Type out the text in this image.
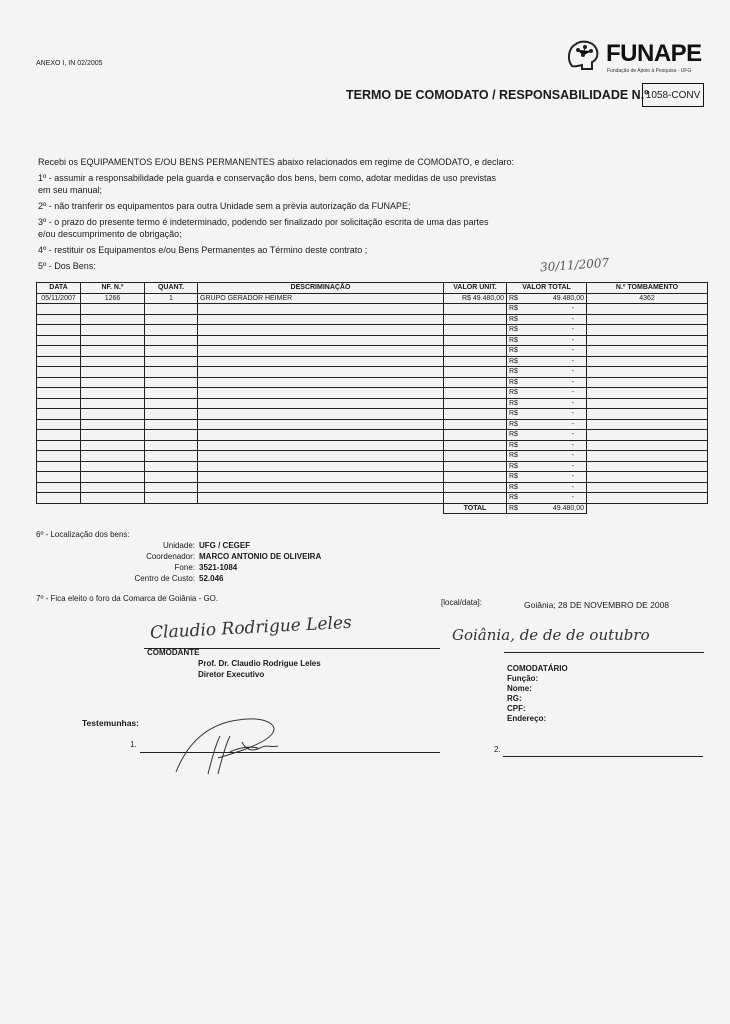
ANEXO I, IN 02/2005	FUNAPE
Fundação de Apoio à Pesquisa - UFG
TERMO DE COMODATO / RESPONSABILIDADE N.º
1058-CONV
Recebi os EQUIPAMENTOS E/OU BENS PERMANENTES abaixo relacionados em regime de COMODATO, e declaro:
1º - assumir a responsabilidade pela guarda e conservação dos bens, bem como, adotar medidas de uso previstas
em seu manual;
2º - não tranferir os equipamentos para outra Unidade sem a prévia autorização da FUNAPE;
3º - o prazo do presente termo é indeterminado, podendo ser finalizado por solicitação escrita de uma das partes
e/ou descumprimento de obrigação;
4º - restituir os Equipamentos e/ou Bens Permanentes ao Término deste contrato ;
5º - Dos Bens:	30/11/2007
DATA	NF. N.º	QUANT.	DESCRIMINAÇÃO	VALOR UNIT.	VALOR TOTAL	N.º TOMBAMENTO
05/11/2007	1266	1	GRUPO GERADOR HEIMER	R$ 49.480,00	R$ 49.480,00	4362

					R$ -	

					R$ -	

					R$ -	

					R$ -	

					R$ -	

					R$ -	

					R$ -	

					R$ -	

					R$ -	

					R$ -	

					R$ -	

					R$ -	

					R$ -	

					R$ -	

					R$ -	

					R$ -	

					R$ -	

					R$ -	

					R$ -	

				TOTAL	R$ 49.480,00	

6º - Localização dos bens:
Unidade: UFG / CEGEF
Coordenador: MARCO ANTONIO DE OLIVEIRA
Fone: 3521-1084
Centro de Custo: 52.046
7º - Fica eleito o foro da Comarca de Goiânia - GO.	[local/data]:	Goiânia; 28 DE NOVEMBRO DE 2008
Claudio Rodrigue Leles
COMODANTE
Prof. Dr. Claudio Rodrigue Leles
Diretor Executivo
Goiânia, de de de outubro
COMODATÁRIO
Função:
Nome:
RG:
CPF:
Endereço:
Testemunhas:
1.
2.
